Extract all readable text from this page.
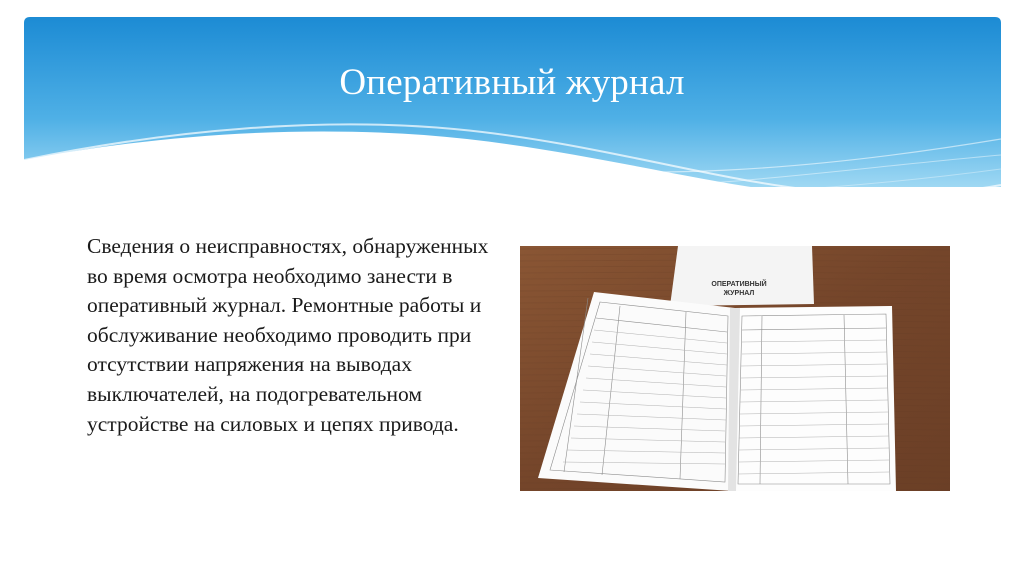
Оперативный журнал
Сведения о неисправностях, обнаруженных во время осмотра необходимо занести в оперативный журнал. Ремонтные работы и обслуживание необходимо проводить при отсутствии напряжения на выводах выключателей, на подогревательном устройстве на силовых и цепях привода.
ОПЕРАТИВНЫЙ
ЖУРНАЛ
